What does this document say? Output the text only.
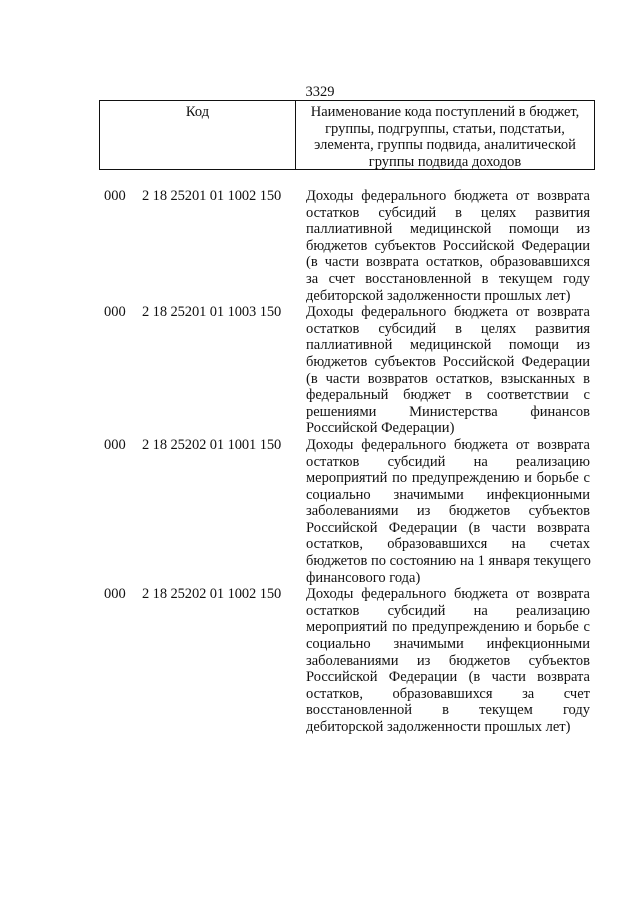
3329
Код	Наименование кода поступлений в бюджет, группы, подгруппы, статьи, подстатьи, элемента, группы подвида, аналитической группы подвида доходов
000	2 18 25201 01 1002 150	Доходы федерального бюджета от возврата
остатков субсидий в целях развития
паллиативной медицинской помощи из
бюджетов субъектов Российской Федерации
(в части возврата остатков, образовавшихся
за счет восстановленной в текущем году
дебиторской задолженности прошлых лет)
000	2 18 25201 01 1003 150	Доходы федерального бюджета от возврата
остатков субсидий в целях развития
паллиативной медицинской помощи из
бюджетов субъектов Российской Федерации
(в части возвратов остатков, взысканных в
федеральный бюджет в соответствии с
решениями Министерства финансов
Российской Федерации)
000	2 18 25202 01 1001 150	Доходы федерального бюджета от возврата
остатков субсидий на реализацию
мероприятий по предупреждению и борьбе с
социально значимыми инфекционными
заболеваниями из бюджетов субъектов
Российской Федерации (в части возврата
остатков, образовавшихся на счетах
бюджетов по состоянию на 1 января текущего
финансового года)
000	2 18 25202 01 1002 150	Доходы федерального бюджета от возврата
остатков субсидий на реализацию
мероприятий по предупреждению и борьбе с
социально значимыми инфекционными
заболеваниями из бюджетов субъектов
Российской Федерации (в части возврата
остатков, образовавшихся за счет
восстановленной в текущем году
дебиторской задолженности прошлых лет)
